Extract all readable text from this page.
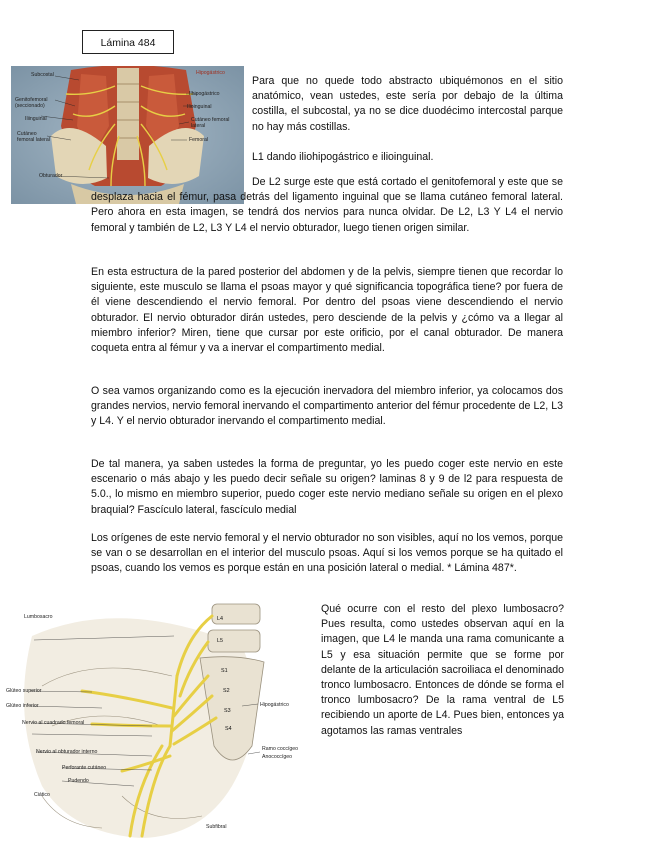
Lámina 484
Subcostal
Genitofemoral (seccionado)
Iliinguinal
Cutáneo femoral lateral
Obturador
Hipogástrico
Ilhipogástrico
Ilioinguinal
Cutáneo femoral lateral
Femoral

Para que no quede todo abstracto ubiquémonos en el sitio anatómico, vean ustedes, este sería por debajo de la última costilla, el subcostal, ya no se dice duodécimo intercostal parque no hay más costillas.

L1 dando iliohipogástrico e ilioinguinal.

De L2 surge este que está cortado el genitofemoral y este que se desplaza hacia el fémur, pasa detrás del ligamento inguinal que se llama cutáneo femoral lateral. Pero ahora en esta imagen, se tendrá dos nervios para nunca olvidar. De L2, L3 Y L4 el nervio femoral y también de L2, L3 Y L4 el nervio obturador, luego tienen origen similar.

En esta estructura de la pared posterior del abdomen y de la pelvis, siempre tienen que recordar lo siguiente, este musculo se llama el psoas mayor y qué significancia topográfica tiene? por fuera de él viene descendiendo el nervio femoral. Por dentro del psoas viene descendiendo el nervio obturador. El nervio obturador dirán ustedes, pero desciende de la pelvis y ¿cómo va a llegar al miembro inferior? Miren, tiene que cursar por este orificio, por el canal obturador. De manera coqueta entra al fémur y va a inervar el compartimento medial.

O sea vamos organizando como es la ejecución inervadora del miembro inferior, ya colocamos dos grandes nervios, nervio femoral inervando el compartimento anterior del fémur procedente de L2, L3 y L4. Y el nervio obturador inervando el compartimento medial.

De tal manera, ya saben ustedes la forma de preguntar, yo les puedo coger este nervio en este escenario o más abajo y les puedo decir señale su origen? laminas 8 y 9 de l2 para respuesta de 5.0., lo mismo en miembro superior, puedo coger este nervio mediano señale su origen en el plexo braquial? Fascículo lateral, fascículo medial

Los orígenes de este nervio femoral y el nervio obturador no son visibles, aquí no los vemos, porque se van o se desarrollan en el interior del musculo psoas. Aquí si los vemos porque se ha quitado el psoas, cuando los vemos es porque están en una posición lateral o medial. * Lámina 487*.

Qué ocurre con el resto del plexo lumbosacro? Pues resulta, como ustedes observan aquí en la imagen, que L4 le manda una rama comunicante a L5 y esa situación permite que se forme por delante de la articulación sacroiliaca el denominado tronco lumbosacro. Entonces de dónde se forma el tronco lumbosacro? De la rama ventral de L5 recibiendo un aporte de L4. Pues bien, entonces ya agotamos las ramas ventrales

L4
L5
S1
S2
S3
S4
Lumbosacro
Glúteo superior
Glúteo inferior
Nervio al cuadrado femoral
Nervio al obturador interno
Perforante cutáneo
Pudendo
Ciático
Hipogástrico
Ramo coccígeo
Anococcígeo
Subfibral
